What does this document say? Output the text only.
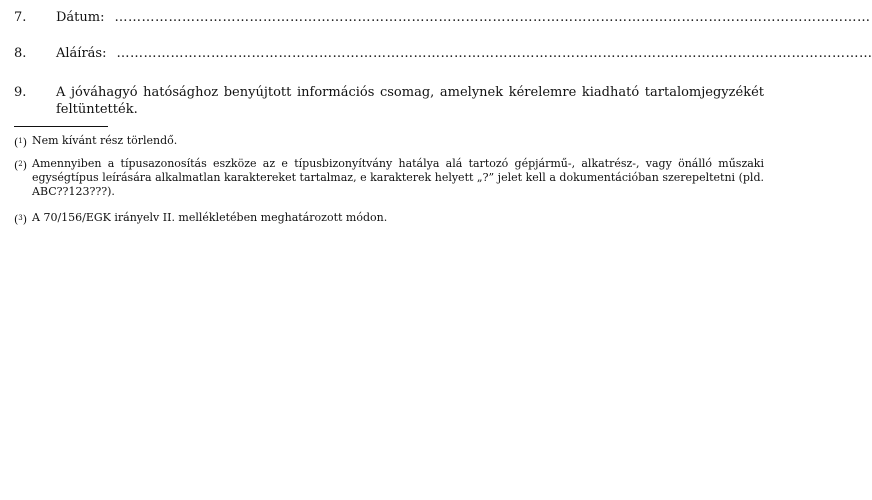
7.	Dátum: ……………………………………………………………………………………………………………………………………………………
8.	Aláírás: ……………………………………………………………………………………………………………………………………………………
9.	A jóváhagyó hatósághoz benyújtott információs csomag, amelynek kérelemre kiadható tartalomjegyzékét feltüntették.

($^1$) Nem kívánt rész törlendő.

($^2$) Amennyiben a típusazonosítás eszköze az e típusbizonyítvány hatálya alá tartozó gépjármű-, alkatrész-, vagy önálló műszaki egységtípus leírására alkalmatlan karaktereket tartalmaz, e karakterek helyett „?” jelet kell a dokumentációban szerepeltetni (pld. ABC??123???).

($^3$) A 70/156/EGK irányelv II. mellékletében meghatározott módon.
